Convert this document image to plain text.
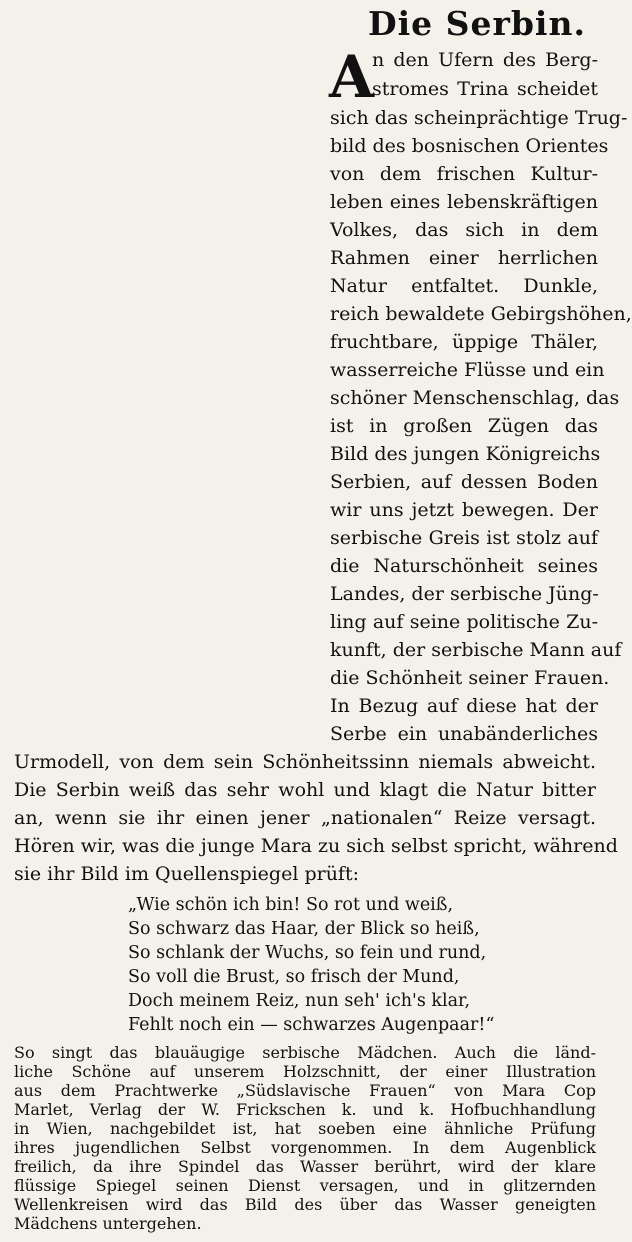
Die Serbin.
A
n den Ufern des Berg-
stromes Trina scheidet
sich das scheinprächtige Trug-
bild des bosnischen Orientes
von dem frischen Kultur-
leben eines lebenskräftigen
Volkes, das sich in dem
Rahmen einer herrlichen
Natur entfaltet. Dunkle,
reich bewaldete Gebirgshöhen,
fruchtbare, üppige Thäler,
wasserreiche Flüsse und ein
schöner Menschenschlag, das
ist in großen Zügen das
Bild des jungen Königreichs
Serbien, auf dessen Boden
wir uns jetzt bewegen. Der
serbische Greis ist stolz auf
die Naturschönheit seines
Landes, der serbische Jüng-
ling auf seine politische Zu-
kunft, der serbische Mann auf
die Schönheit seiner Frauen.
In Bezug auf diese hat der
Serbe ein unabänderliches
Urmodell, von dem sein Schönheitssinn niemals abweicht.
Die Serbin weiß das sehr wohl und klagt die Natur bitter
an, wenn sie ihr einen jener „nationalen“ Reize versagt.
Hören wir, was die junge Mara zu sich selbst spricht, während
sie ihr Bild im Quellenspiegel prüft:
„Wie schön ich bin! So rot und weiß,
So schwarz das Haar, der Blick so heiß,
So schlank der Wuchs, so fein und rund,
So voll die Brust, so frisch der Mund,
Doch meinem Reiz, nun seh' ich's klar,
Fehlt noch ein — schwarzes Augenpaar!“
So singt das blauäugige serbische Mädchen. Auch die länd-
liche Schöne auf unserem Holzschnitt, der einer Illustration
aus dem Prachtwerke „Südslavische Frauen“ von Mara Cop
Marlet, Verlag der W. Frickschen k. und k. Hofbuchhandlung
in Wien, nachgebildet ist, hat soeben eine ähnliche Prüfung
ihres jugendlichen Selbst vorgenommen. In dem Augenblick
freilich, da ihre Spindel das Wasser berührt, wird der klare
flüssige Spiegel seinen Dienst versagen, und in glitzernden
Wellenkreisen wird das Bild des über das Wasser geneigten
Mädchens untergehen.
